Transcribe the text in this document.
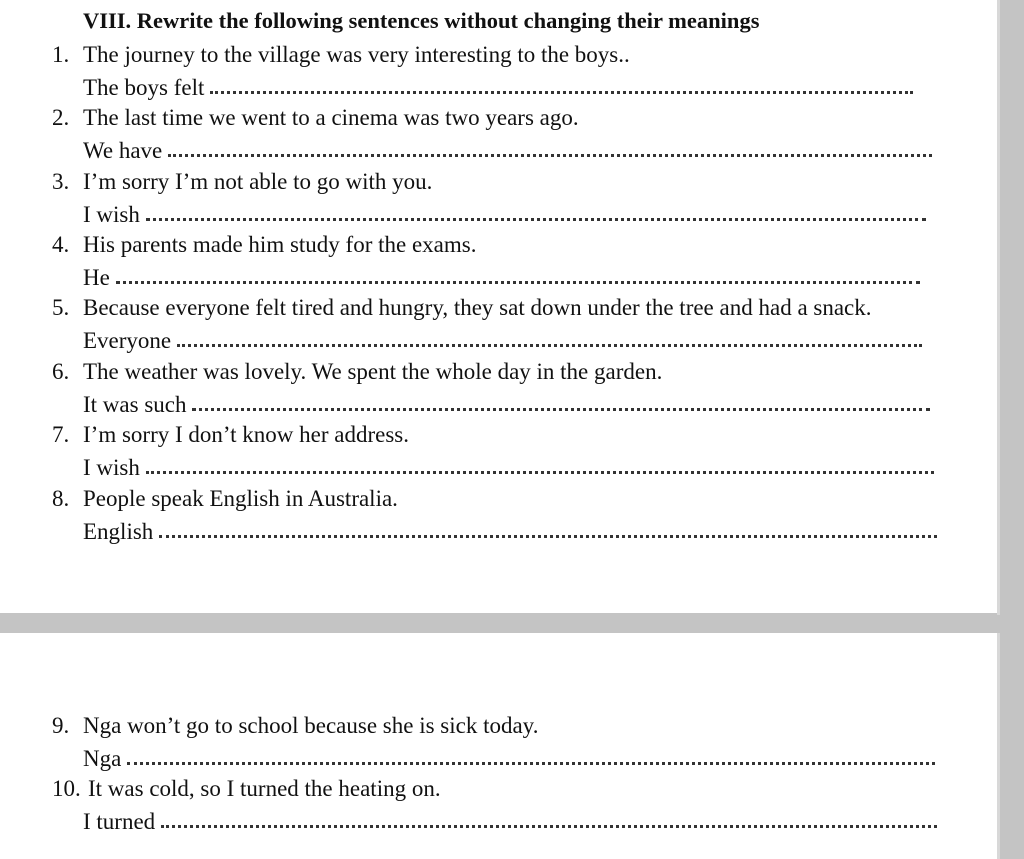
VIII. Rewrite the following sentences without changing their meanings
1. The journey to the village was very interesting to the boys..
The boys felt
2. The last time we went to a cinema was two years ago.
We have
3. I’m sorry I’m not able to go with you.
I wish
4. His parents made him study for the exams.
He
5. Because everyone felt tired and hungry, they sat down under the tree and had a snack.
Everyone
6. The weather was lovely. We spent the whole day in the garden.
It was such
7. I’m sorry I don’t know her address.
I wish
8. People speak English in Australia.
English
9. Nga won’t go to school because she is sick today.
Nga
10. It was cold, so I turned the heating on.
I turned
